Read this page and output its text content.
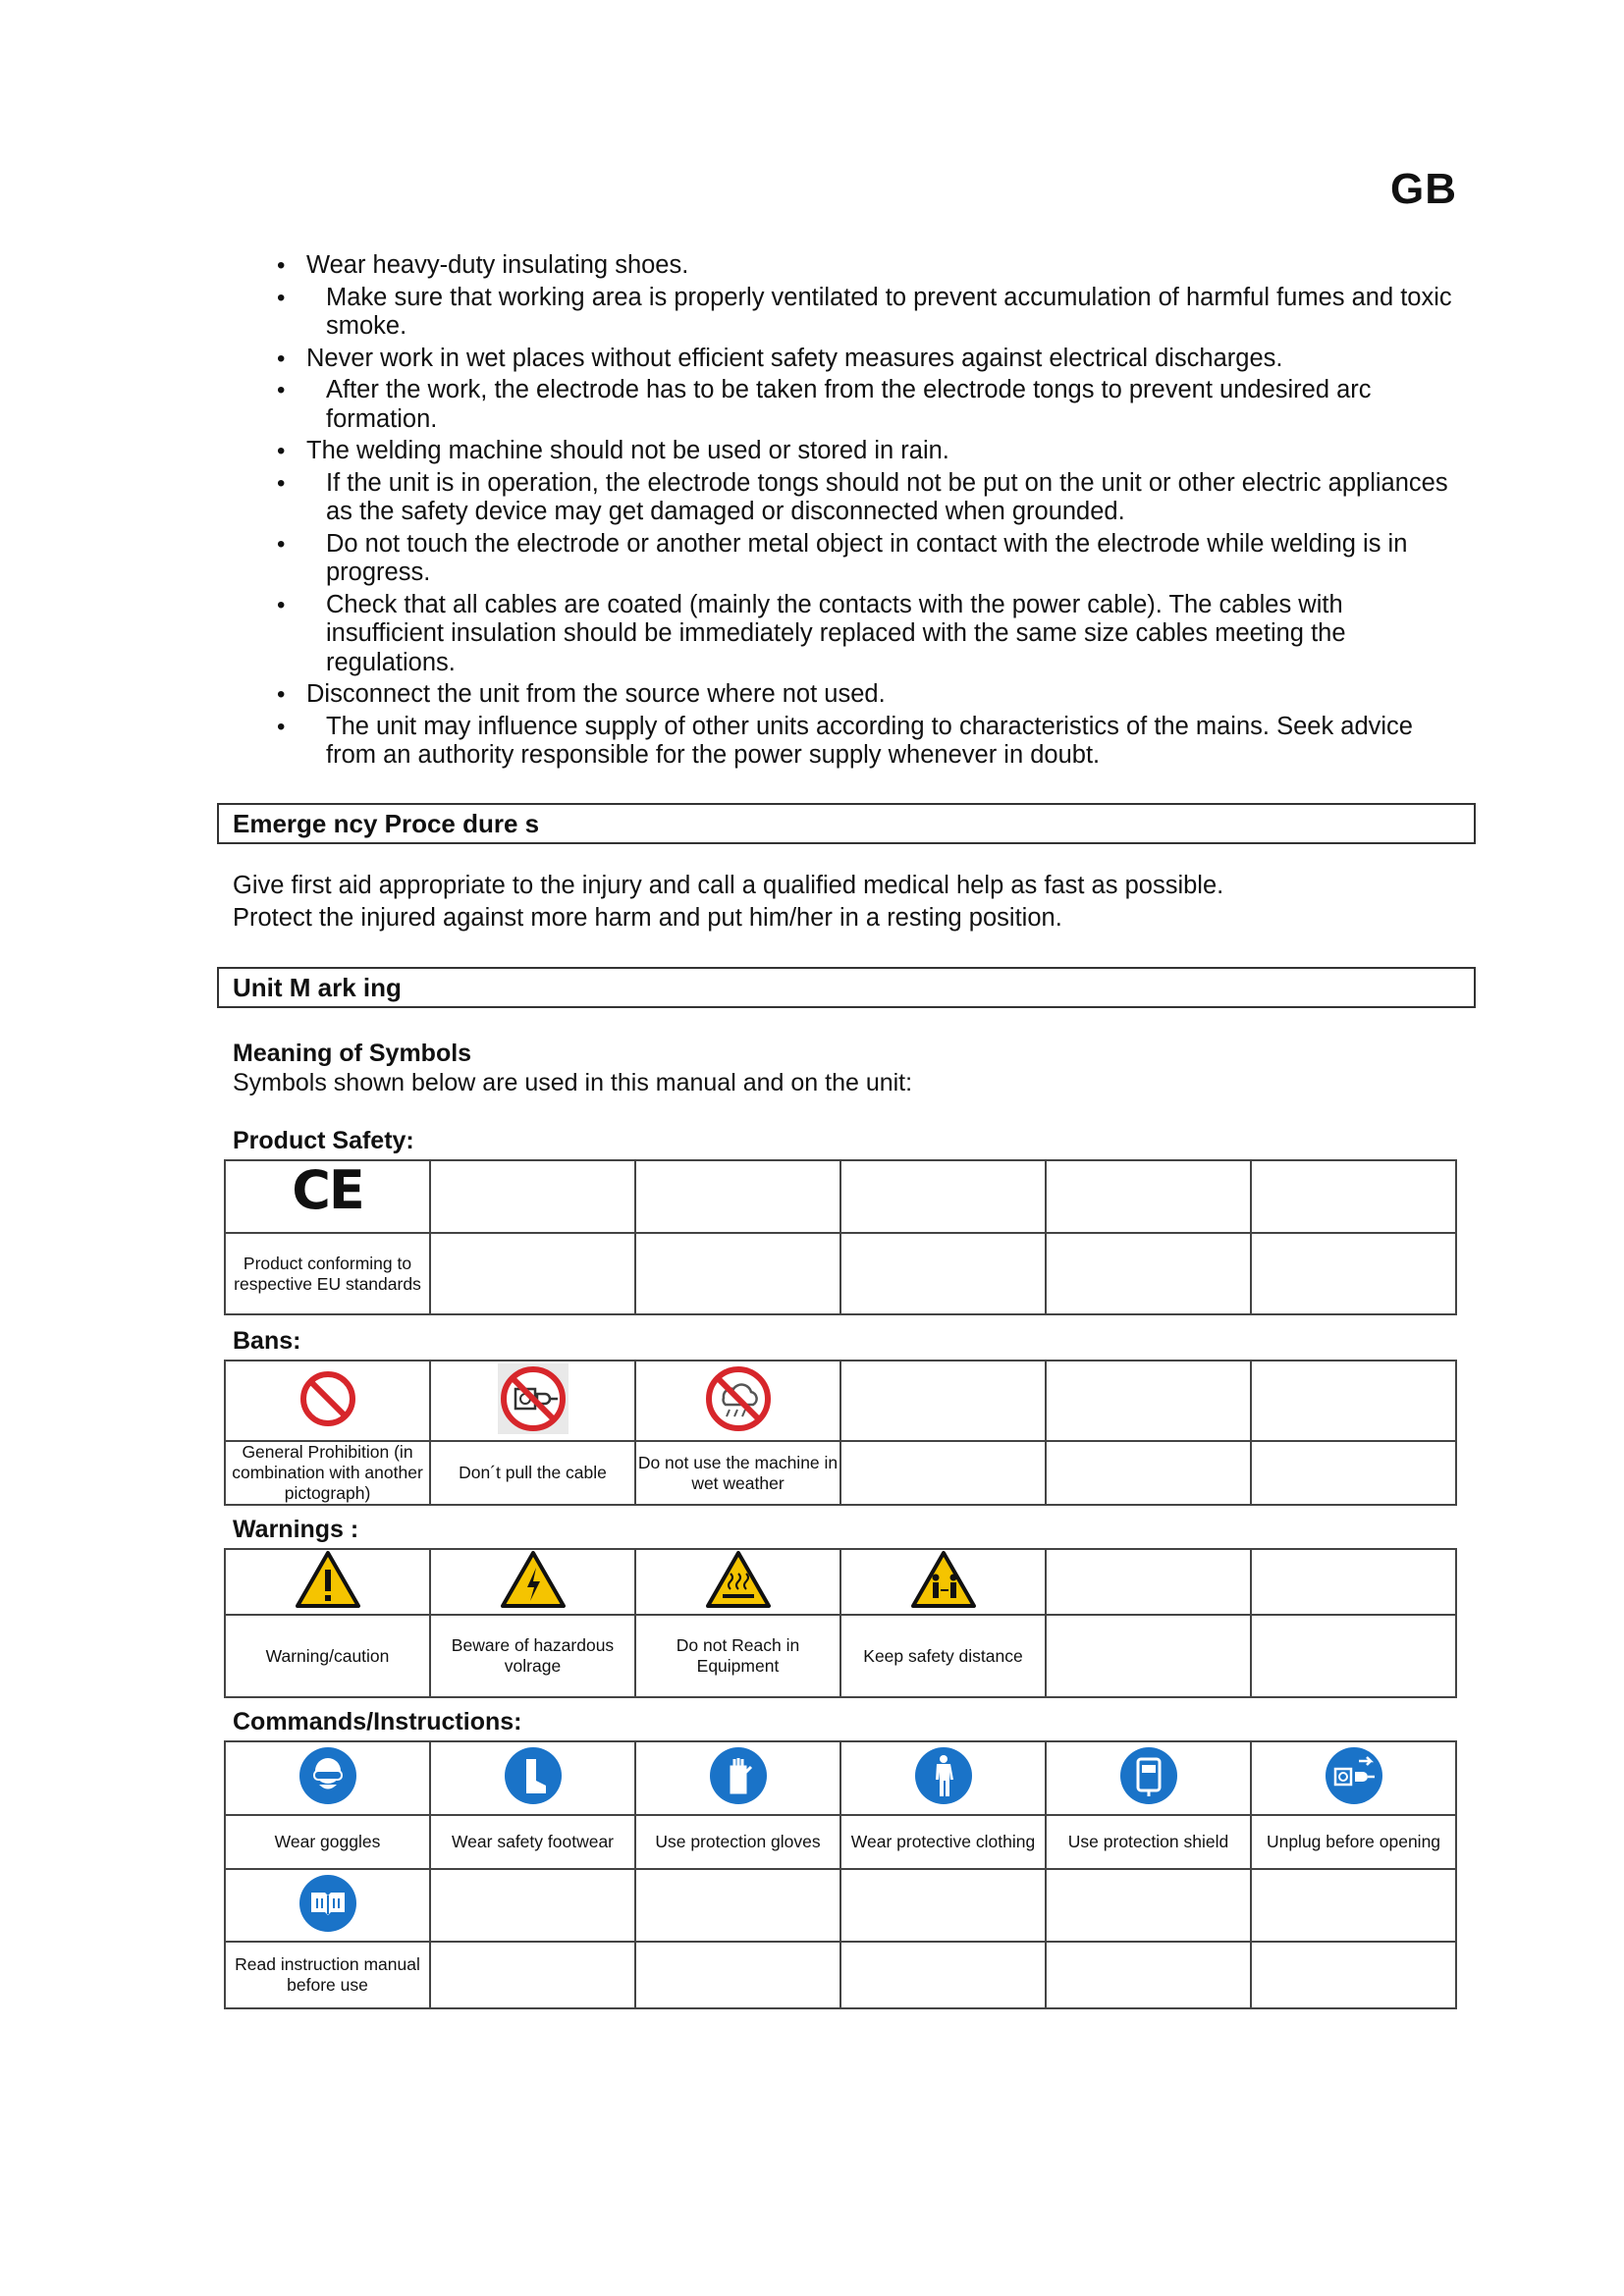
GB
• Wear heavy-duty insulating shoes.
• Make sure that working area is properly ventilated to prevent accumulation of harmful fumes and toxic smoke.
• Never work in wet places without efficient safety measures against electrical discharges.
• After the work, the electrode has to be taken from the electrode tongs to prevent undesired arc formation.
• The welding machine should not be used or stored in rain.
• If the unit is in operation, the electrode tongs should not be put on the unit or other electric appliances as the safety device may get damaged or disconnected when grounded.
• Do not touch the electrode or another metal object in contact with the electrode while welding is in progress.
• Check that all cables are coated (mainly the contacts with the power cable). The cables with insufficient insulation should be immediately replaced with the same size cables meeting the regulations.
• Disconnect the unit from the source where not used.
• The unit may influence supply of other units according to characteristics of the mains. Seek advice from an authority responsible for the power supply whenever in doubt.
Emerge ncy Proce dure s
Give first aid appropriate to the injury and call a qualified medical help as fast as possible.
Protect the injured against more harm and put him/her in a resting position.
Unit M ark ing
Meaning of Symbols
Symbols shown below are used in this manual and on the unit:
Product Safety:
CE					
Product conforming to respective EU standards					
Bans:

General Prohibition (in combination with another pictograph)	Don´t pull the cable	Do not use the machine in wet weather			
Warnings :

Warning/caution	Beware of hazardous volrage	Do not Reach in Equipment	Keep safety distance		
Commands/Instructions:

Wear goggles	Wear safety footwear	Use protection gloves	Wear protective clothing	Use protection shield	Unplug before opening

Read instruction manual before use					
